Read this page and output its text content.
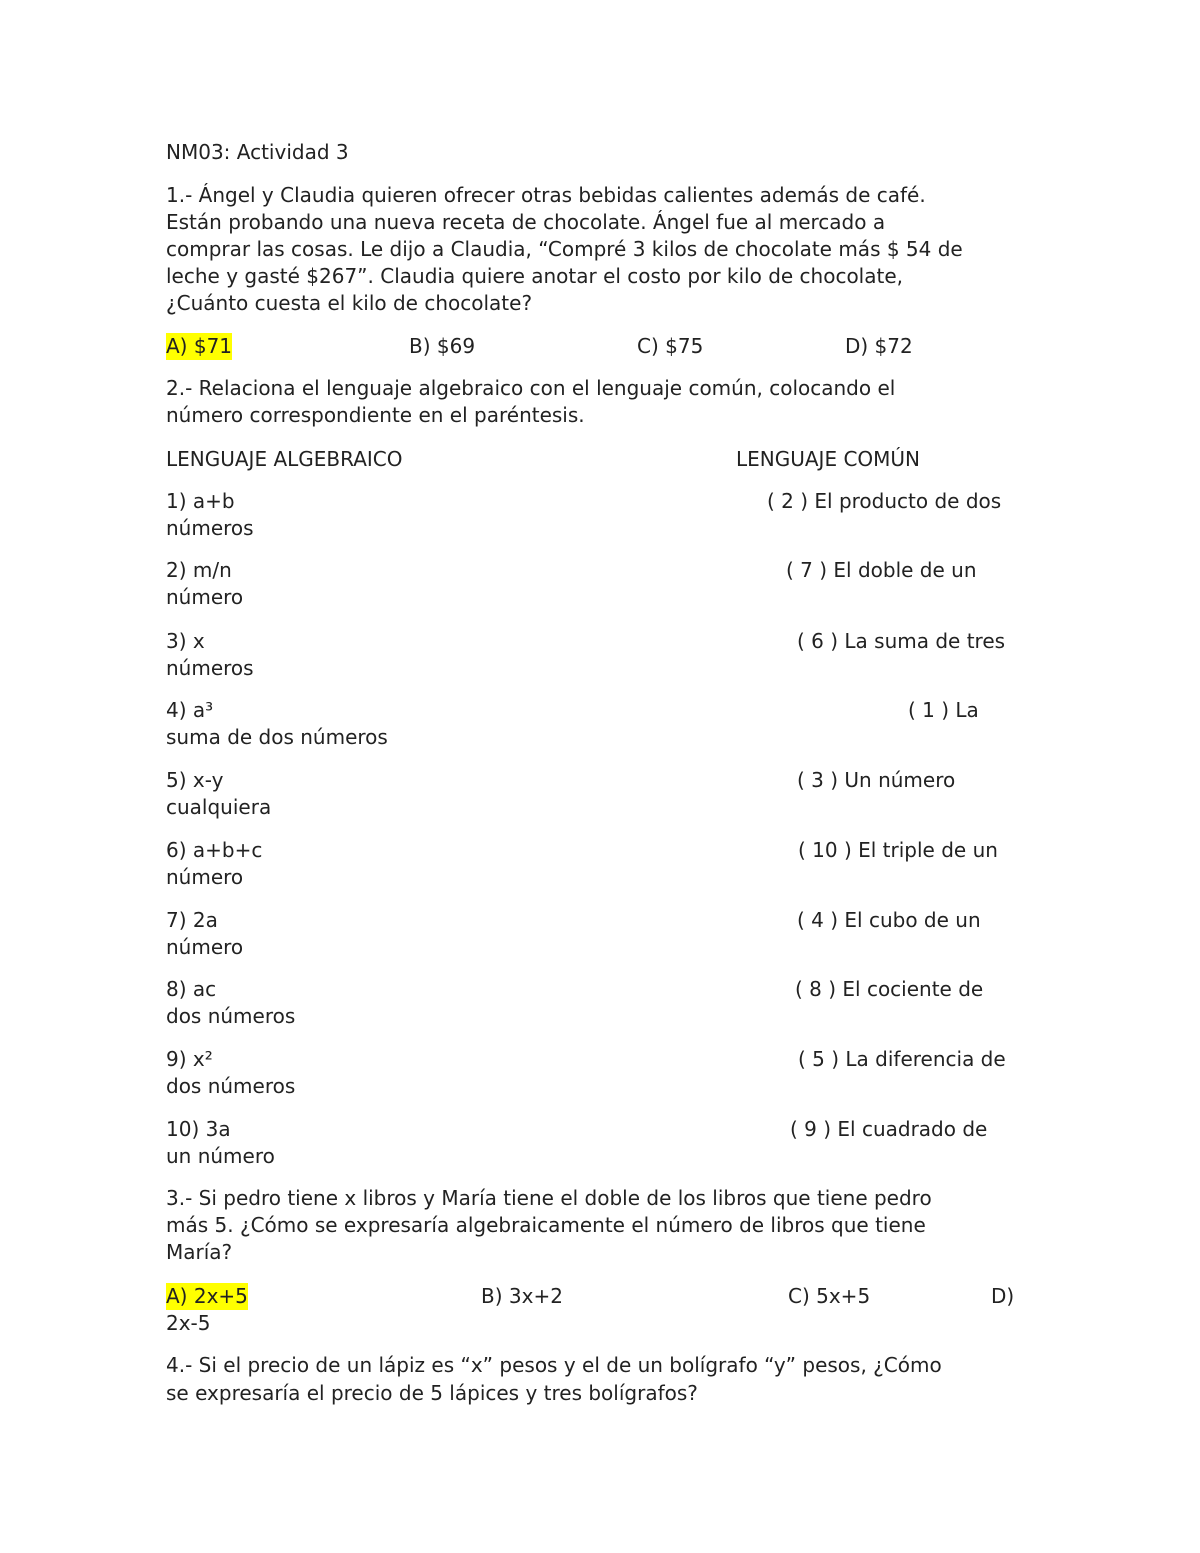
NM03: Actividad 3
1.- Ángel y Claudia quieren ofrecer otras bebidas calientes además de café.
Están probando una nueva receta de chocolate. Ángel fue al mercado a
comprar las cosas. Le dijo a Claudia, “Compré 3 kilos de chocolate más $ 54 de
leche y gasté $267”. Claudia quiere anotar el costo por kilo de chocolate,
¿Cuánto cuesta el kilo de chocolate?
A) $71	B) $69	C) $75	D) $72
2.- Relaciona el lenguaje algebraico con el lenguaje común, colocando el
número correspondiente en el paréntesis.
LENGUAJE ALGEBRAICO	LENGUAJE COMÚN
1) a+b	( 2 ) El producto de dos
números
2) m/n	( 7 ) El doble de un
número
3) x	( 6 ) La suma de tres
números
4) a³	( 1 ) La
suma de dos números
5) x-y	( 3 ) Un número
cualquiera
6) a+b+c	( 10 ) El triple de un
número
7) 2a	( 4 ) El cubo de un
número
8) ac	( 8 ) El cociente de
dos números
9) x²	( 5 ) La diferencia de
dos números
10) 3a	( 9 ) El cuadrado de
un número
3.- Si pedro tiene x libros y María tiene el doble de los libros que tiene pedro
más 5. ¿Cómo se expresaría algebraicamente el número de libros que tiene
María?
A) 2x+5	B) 3x+2	C) 5x+5	D)
2x-5
4.- Si el precio de un lápiz es “x” pesos y el de un bolígrafo “y” pesos, ¿Cómo
se expresaría el precio de 5 lápices y tres bolígrafos?
